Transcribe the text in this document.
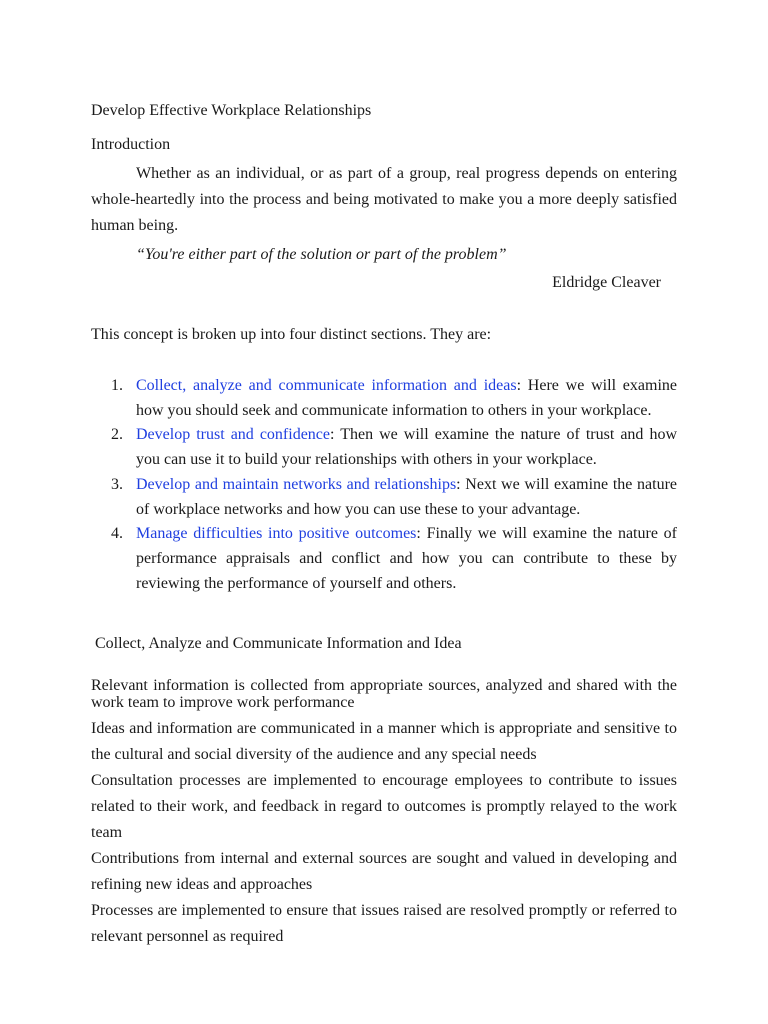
Develop Effective Workplace Relationships
Introduction
Whether as an individual, or as part of a group, real progress depends on entering whole-heartedly into the process and being motivated to make you a more deeply satisfied human being.
“You're either part of the solution or part of the problem”
Eldridge Cleaver
This concept is broken up into four distinct sections. They are:
1. Collect, analyze and communicate information and ideas: Here we will examine how you should seek and communicate information to others in your workplace.
2. Develop trust and confidence: Then we will examine the nature of trust and how you can use it to build your relationships with others in your workplace.
3. Develop and maintain networks and relationships: Next we will examine the nature of workplace networks and how you can use these to your advantage.
4. Manage difficulties into positive outcomes: Finally we will examine the nature of performance appraisals and conflict and how you can contribute to these by reviewing the performance of yourself and others.
Collect, Analyze and Communicate Information and Idea

Relevant information is collected from appropriate sources, analyzed and shared with the work team to improve work performance

Ideas and information are communicated in a manner which is appropriate and sensitive to the cultural and social diversity of the audience and any special needs

Consultation processes are implemented to encourage employees to contribute to issues related to their work, and feedback in regard to outcomes is promptly relayed to the work team

Contributions from internal and external sources are sought and valued in developing and refining new ideas and approaches

Processes are implemented to ensure that issues raised are resolved promptly or referred to relevant personnel as required
